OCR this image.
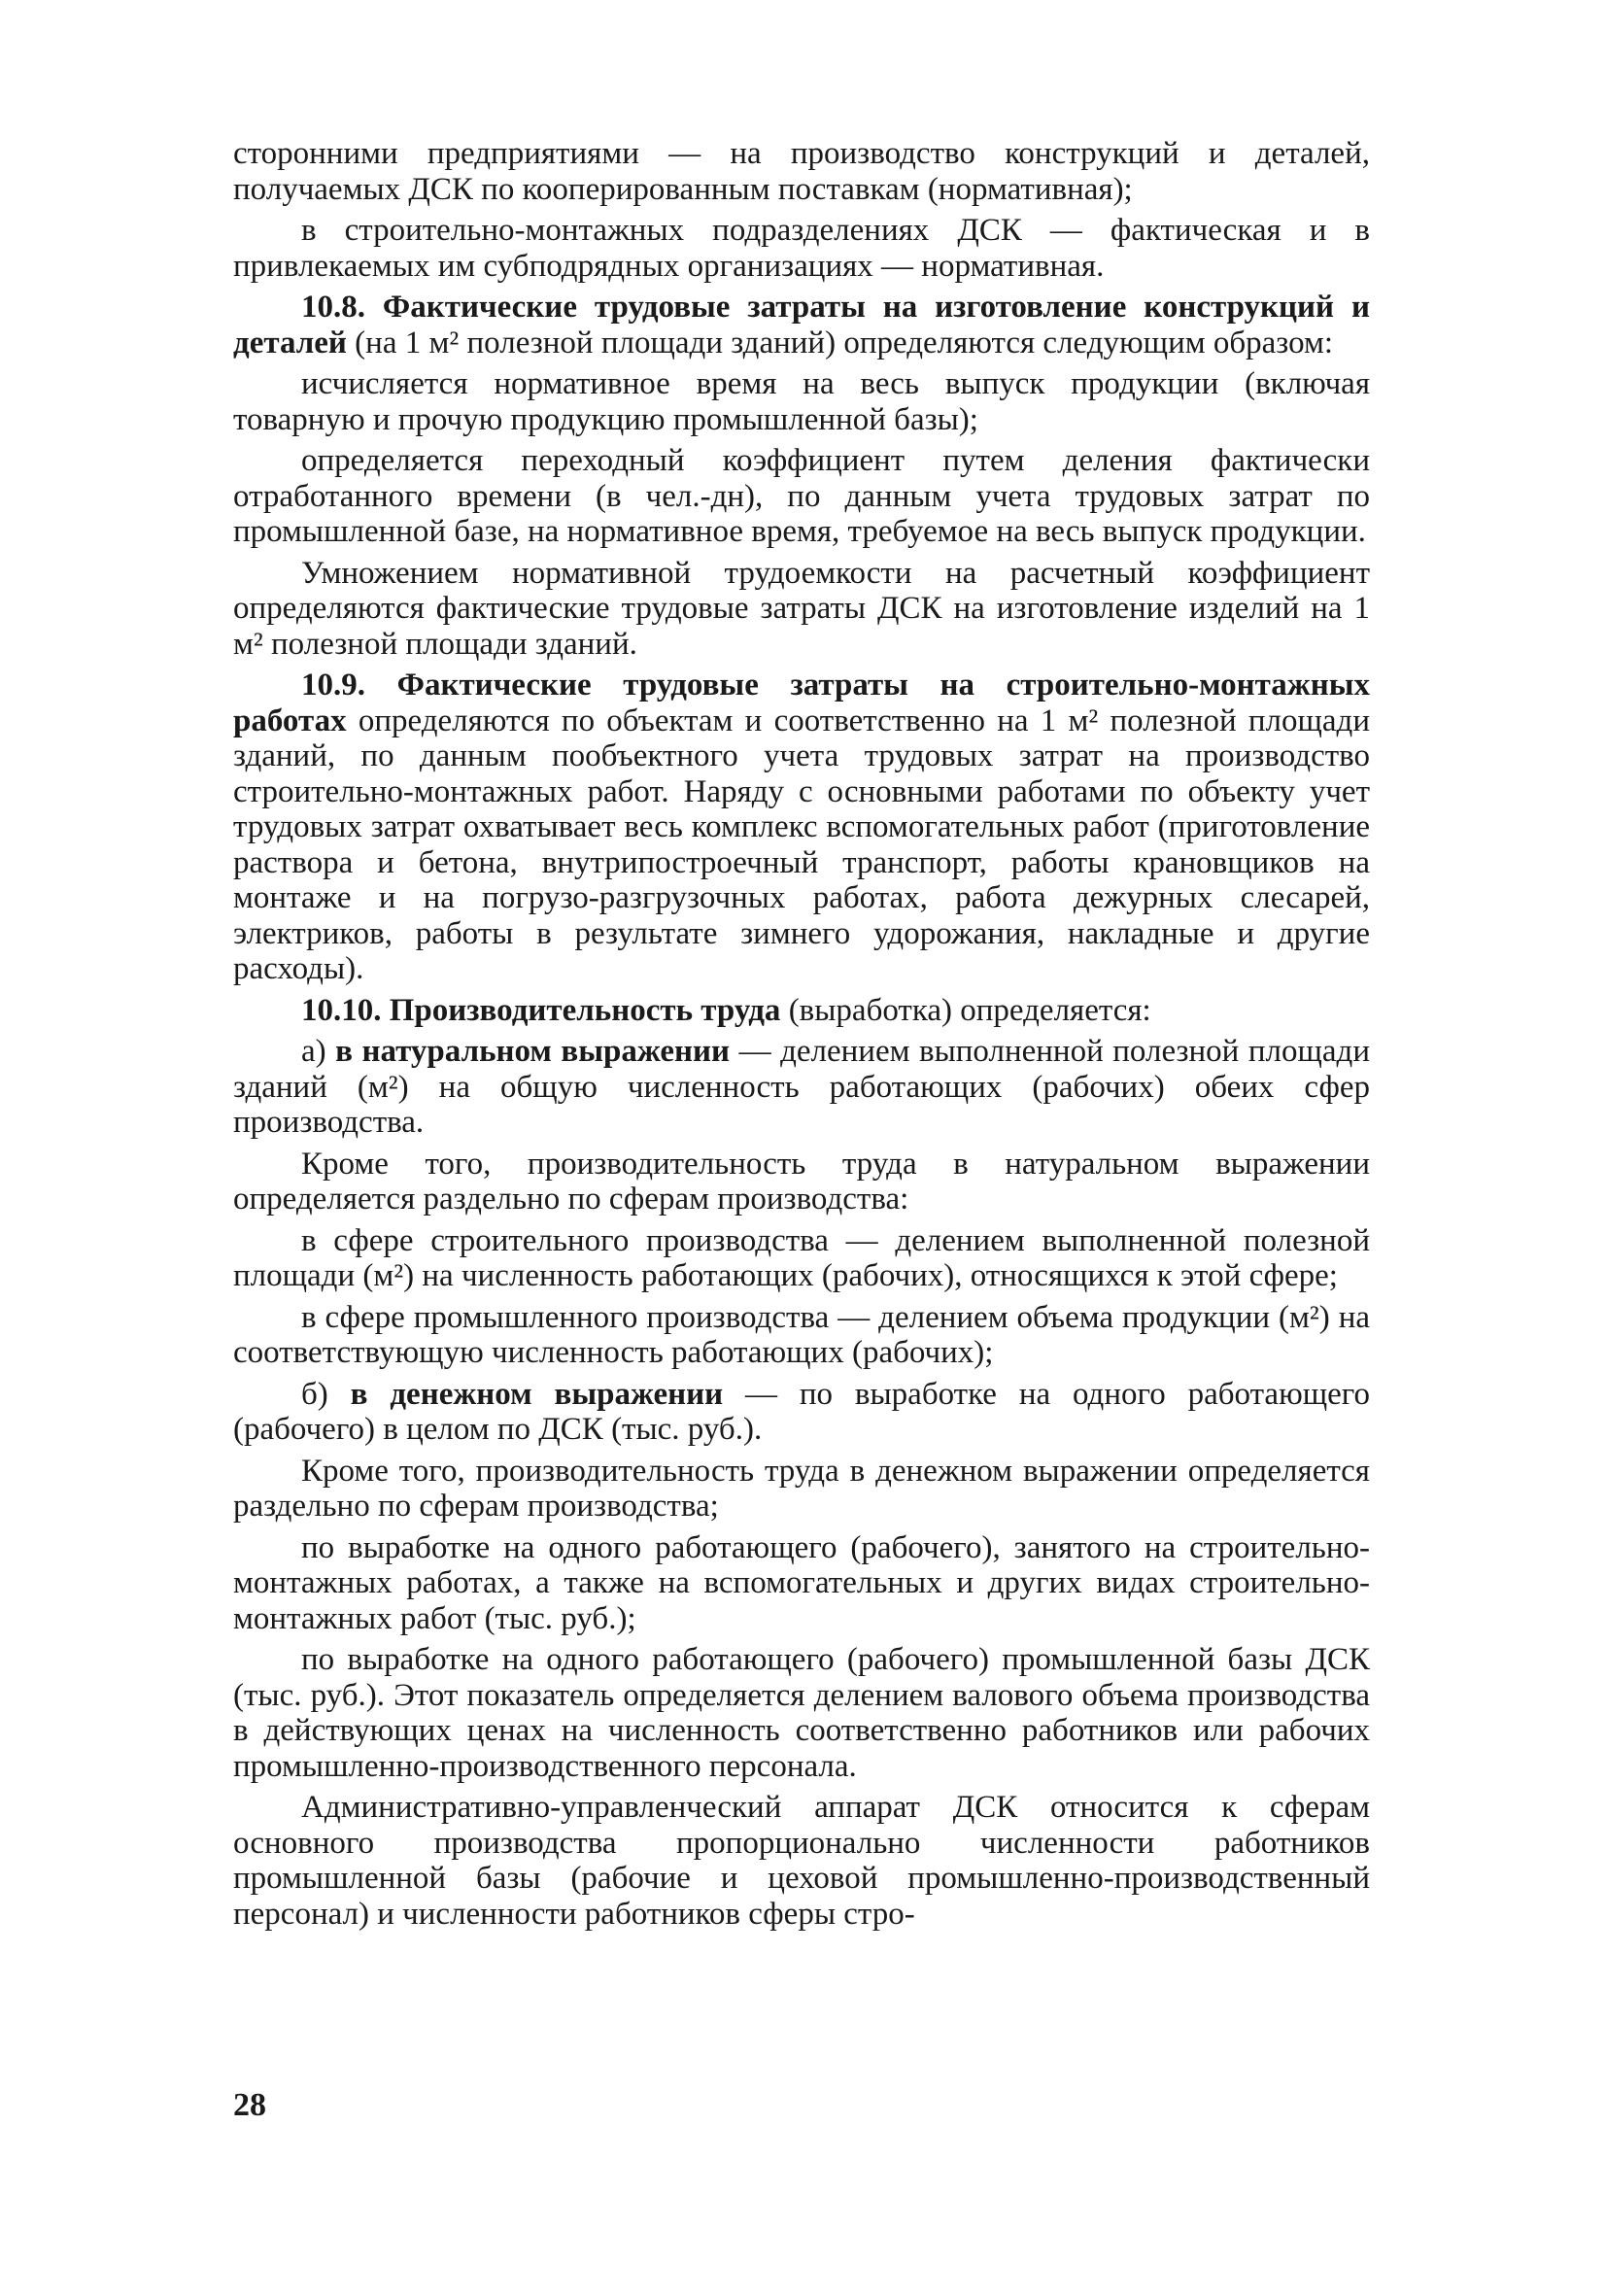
сторонними предприятиями — на производство конструкций и деталей, получаемых ДСК по кооперированным поставкам (нормативная);

в строительно-монтажных подразделениях ДСК — фактическая и в привлекаемых им субподрядных организациях — нормативная.

10.8. Фактические трудовые затраты на изготовление конструкций и деталей (на 1 м² полезной площади зданий) определяются следующим образом:

исчисляется нормативное время на весь выпуск продукции (включая товарную и прочую продукцию промышленной базы);

определяется переходный коэффициент путем деления фактически отработанного времени (в чел.-дн), по данным учета трудовых затрат по промышленной базе, на нормативное время, требуемое на весь выпуск продукции.

Умножением нормативной трудоемкости на расчетный коэффициент определяются фактические трудовые затраты ДСК на изготовление изделий на 1 м² полезной площади зданий.

10.9. Фактические трудовые затраты на строительно-монтажных работах определяются по объектам и соответственно на 1 м² полезной площади зданий, по данным пообъектного учета трудовых затрат на производство строительно-монтажных работ. Наряду с основными работами по объекту учет трудовых затрат охватывает весь комплекс вспомогательных работ (приготовление раствора и бетона, внутрипостроечный транспорт, работы крановщиков на монтаже и на погрузо-разгрузочных работах, работа дежурных слесарей, электриков, работы в результате зимнего удорожания, накладные и другие расходы).

10.10. Производительность труда (выработка) определяется:

а) в натуральном выражении — делением выполненной полезной площади зданий (м²) на общую численность работающих (рабочих) обеих сфер производства.

Кроме того, производительность труда в натуральном выражении определяется раздельно по сферам производства:

в сфере строительного производства — делением выполненной полезной площади (м²) на численность работающих (рабочих), относящихся к этой сфере;

в сфере промышленного производства — делением объема продукции (м²) на соответствующую численность работающих (рабочих);

б) в денежном выражении — по выработке на одного работающего (рабочего) в целом по ДСК (тыс. руб.).

Кроме того, производительность труда в денежном выражении определяется раздельно по сферам производства;

по выработке на одного работающего (рабочего), занятого на строительно-монтажных работах, а также на вспомогательных и других видах строительно-монтажных работ (тыс. руб.);

по выработке на одного работающего (рабочего) промышленной базы ДСК (тыс. руб.). Этот показатель определяется делением валового объема производства в действующих ценах на численность соответственно работников или рабочих промышленно-производственного персонала.

Административно-управленческий аппарат ДСК относится к сферам основного производства пропорционально численности работников промышленной базы (рабочие и цеховой промышленно-производственный персонал) и численности работников сферы стро-

28
